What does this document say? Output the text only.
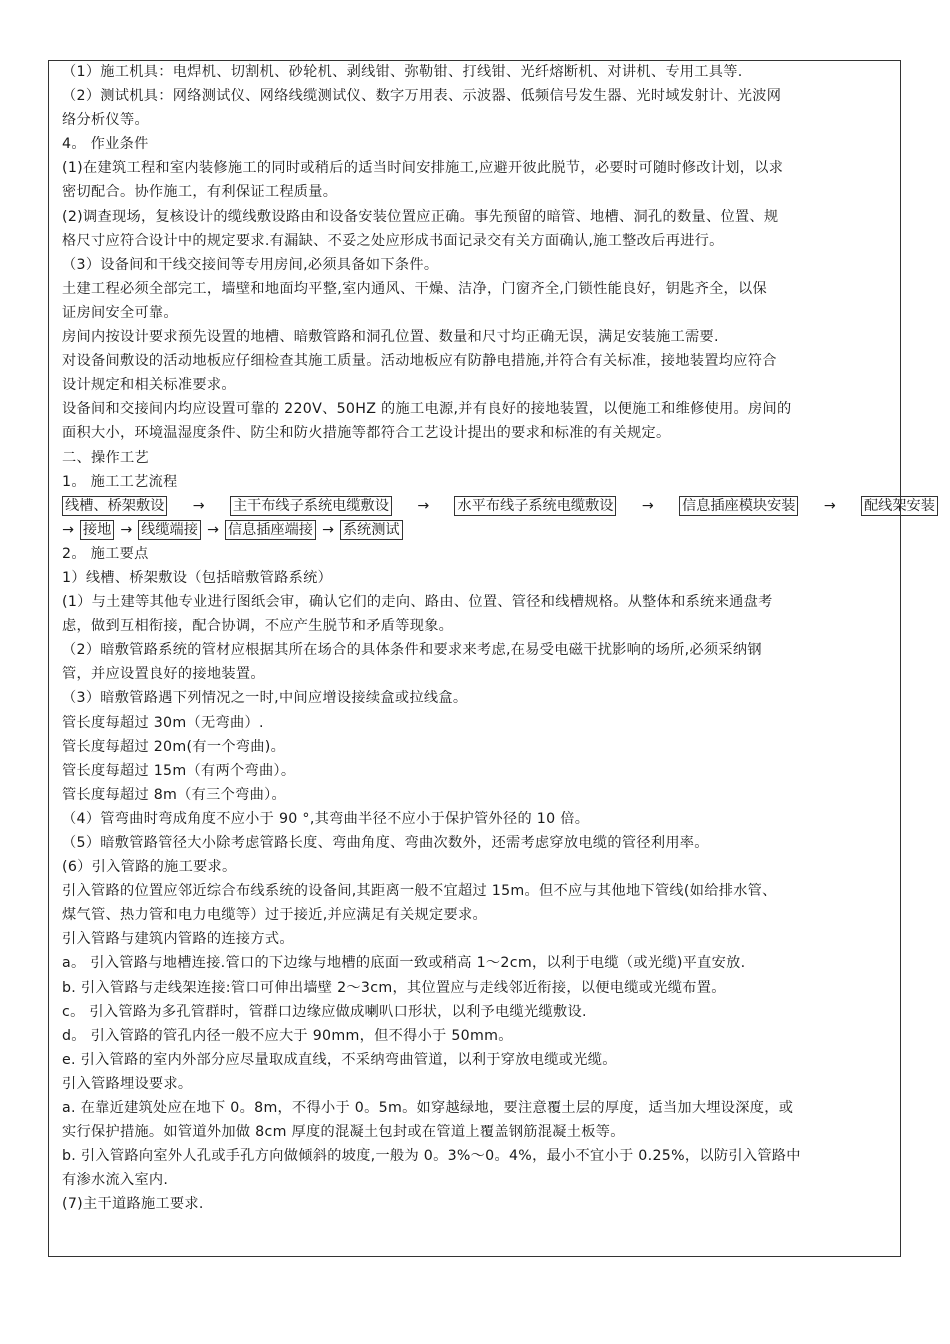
（1）施工机具：电焊机、切割机、砂轮机、剥线钳、弥勒钳、打线钳、光纤熔断机、对讲机、专用工具等.
（2）测试机具：网络测试仪、网络线缆测试仪、数字万用表、示波器、低频信号发生器、光时域发射计、光波网
络分析仪等。
4。 作业条件
(1)在建筑工程和室内装修施工的同时或稍后的适当时间安排施工,应避开彼此脱节，必要时可随时修改计划，以求
密切配合。协作施工，有利保证工程质量。
(2)调查现场，复核设计的缆线敷设路由和设备安装位置应正确。事先预留的暗管、地槽、洞孔的数量、位置、规
格尺寸应符合设计中的规定要求.有漏缺、不妥之处应形成书面记录交有关方面确认,施工整改后再进行。
（3）设备间和干线交接间等专用房间,必须具备如下条件。
土建工程必须全部完工，墙壁和地面均平整,室内通风、干燥、洁净，门窗齐全,门锁性能良好，钥匙齐全，以保
证房间安全可靠。
房间内按设计要求预先设置的地槽、暗敷管路和洞孔位置、数量和尺寸均正确无误，满足安装施工需要.
对设备间敷设的活动地板应仔细检查其施工质量。活动地板应有防静电措施,并符合有关标准，接地装置均应符合
设计规定和相关标准要求。
设备间和交接间内均应设置可靠的 220V、50HZ 的施工电源,并有良好的接地装置，以便施工和维修使用。房间的
面积大小，环境温湿度条件、防尘和防火措施等都符合工艺设计提出的要求和标准的有关规定。
二、操作工艺
1。 施工工艺流程
线槽、桥架敷设 → 主干布线子系统电缆敷设 → 水平布线子系统电缆敷设 → 信息插座模块安装 → 配线架安装
→ 接地 → 线缆端接 → 信息插座端接 → 系统测试
2。 施工要点
1）线槽、桥架敷设（包括暗敷管路系统）
(1）与土建等其他专业进行图纸会审，确认它们的走向、路由、位置、管径和线槽规格。从整体和系统来通盘考
虑，做到互相衔接，配合协调，不应产生脱节和矛盾等现象。
（2）暗敷管路系统的管材应根据其所在场合的具体条件和要求来考虑,在易受电磁干扰影响的场所,必须采纳钢
管，并应设置良好的接地装置。
（3）暗敷管路遇下列情况之一时,中间应增设接续盒或拉线盒。
管长度每超过 30m（无弯曲）.
管长度每超过 20m(有一个弯曲)。
管长度每超过 15m（有两个弯曲）。
管长度每超过 8m（有三个弯曲）。
（4）管弯曲时弯成角度不应小于 90 °,其弯曲半径不应小于保护管外径的 10 倍。
（5）暗敷管路管径大小除考虑管路长度、弯曲角度、弯曲次数外，还需考虑穿放电缆的管径利用率。
(6）引入管路的施工要求。
引入管路的位置应邻近综合布线系统的设备间,其距离一般不宜超过 15m。但不应与其他地下管线(如给排水管、
煤气管、热力管和电力电缆等）过于接近,并应满足有关规定要求。
引入管路与建筑内管路的连接方式。
a。 引入管路与地槽连接.管口的下边缘与地槽的底面一致或稍高 1～2cm，以利于电缆（或光缆)平直安放.
b. 引入管路与走线架连接:管口可伸出墙壁 2～3cm，其位置应与走线邻近衔接，以便电缆或光缆布置。
c。 引入管路为多孔管群时，管群口边缘应做成喇叭口形状，以利予电缆光缆敷设.
d。 引入管路的管孔内径一般不应大于 90mm，但不得小于 50mm。
e. 引入管路的室内外部分应尽量取成直线，不采纳弯曲管道，以利于穿放电缆或光缆。
引入管路埋设要求。
a. 在靠近建筑处应在地下 0。8m，不得小于 0。5m。如穿越绿地，要注意覆土层的厚度，适当加大埋设深度，或
实行保护措施。如管道外加做 8cm 厚度的混凝土包封或在管道上覆盖钢筋混凝土板等。
b. 引入管路向室外人孔或手孔方向做倾斜的坡度,一般为 0。3%～0。4%，最小不宜小于 0.25%，以防引入管路中
有渗水流入室内.
(7)主干道路施工要求.
